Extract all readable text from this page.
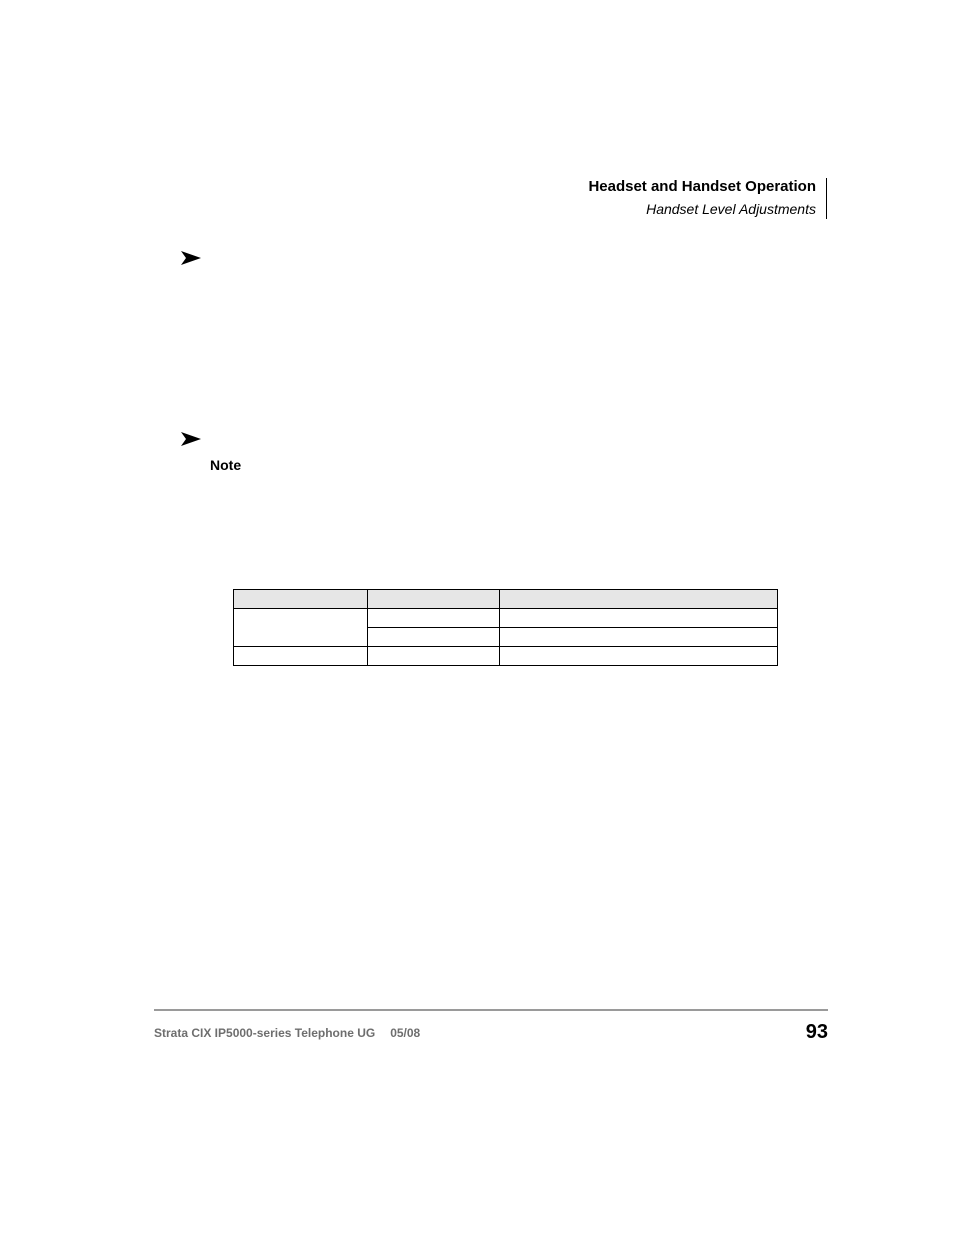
Headset and Handset Operation
Handset Level Adjustments
Note

Strata CIX IP5000-series Telephone UG 05/08	93
